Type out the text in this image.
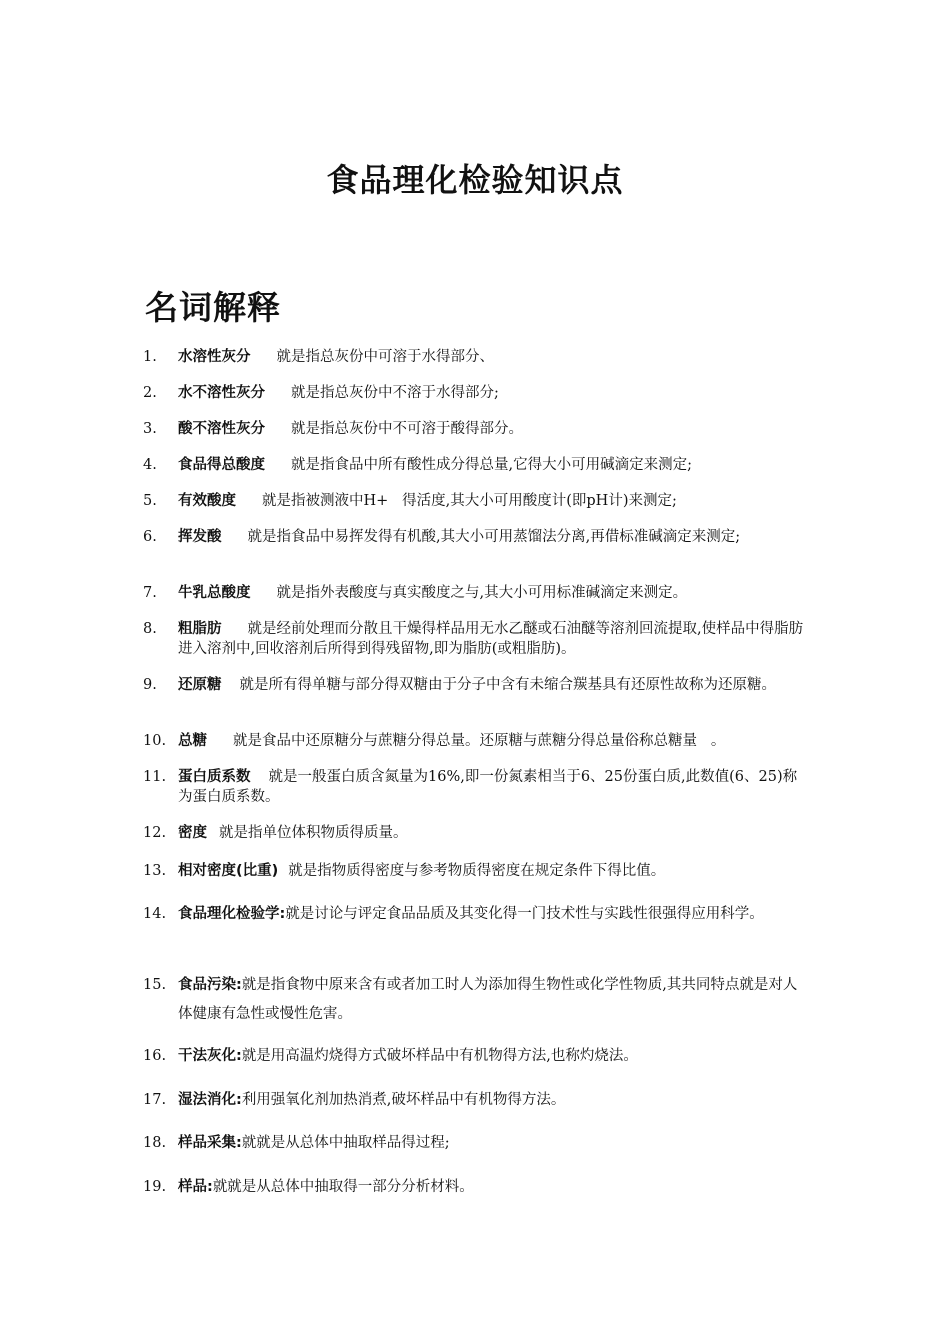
食品理化检验知识点
名词解释
1.	水溶性灰分 就是指总灰份中可溶于水得部分、
2.	水不溶性灰分 就是指总灰份中不溶于水得部分;
3.	酸不溶性灰分 就是指总灰份中不可溶于酸得部分。
4.	食品得总酸度 就是指食品中所有酸性成分得总量,它得大小可用碱滴定来测定;
5.	有效酸度 就是指被测液中H+   得活度,其大小可用酸度计(即pH计)来测定;
6.	挥发酸 就是指食品中易挥发得有机酸,其大小可用蒸馏法分离,再借标准碱滴定来测定;
7.	牛乳总酸度 就是指外表酸度与真实酸度之与,其大小可用标准碱滴定来测定。
8.	粗脂肪 就是经前处理而分散且干燥得样品用无水乙醚或石油醚等溶剂回流提取,使样品中得脂肪进入溶剂中,回收溶剂后所得到得残留物,即为脂肪(或粗脂肪)。
9.	还原糖 就是所有得单糖与部分得双糖由于分子中含有未缩合羰基具有还原性故称为还原糖。
10. 总糖 就是食品中还原糖分与蔗糖分得总量。还原糖与蔗糖分得总量俗称总糖量   。
11. 蛋白质系数 就是一般蛋白质含氮量为16%,即一份氮素相当于6、25份蛋白质,此数值(6、25)称为蛋白质系数。
12. 密度 就是指单位体积物质得质量。
13. 相对密度(比重) 就是指物质得密度与参考物质得密度在规定条件下得比值。
14. 食品理化检验学:就是讨论与评定食品品质及其变化得一门技术性与实践性很强得应用科学。
15. 食品污染:就是指食物中原来含有或者加工时人为添加得生物性或化学性物质,其共同特点就是对人体健康有急性或慢性危害。
16. 干法灰化:就是用高温灼烧得方式破坏样品中有机物得方法,也称灼烧法。
17. 湿法消化:利用强氧化剂加热消煮,破坏样品中有机物得方法。
18. 样品采集:就就是从总体中抽取样品得过程;
19. 样品:就就是从总体中抽取得一部分分析材料。
